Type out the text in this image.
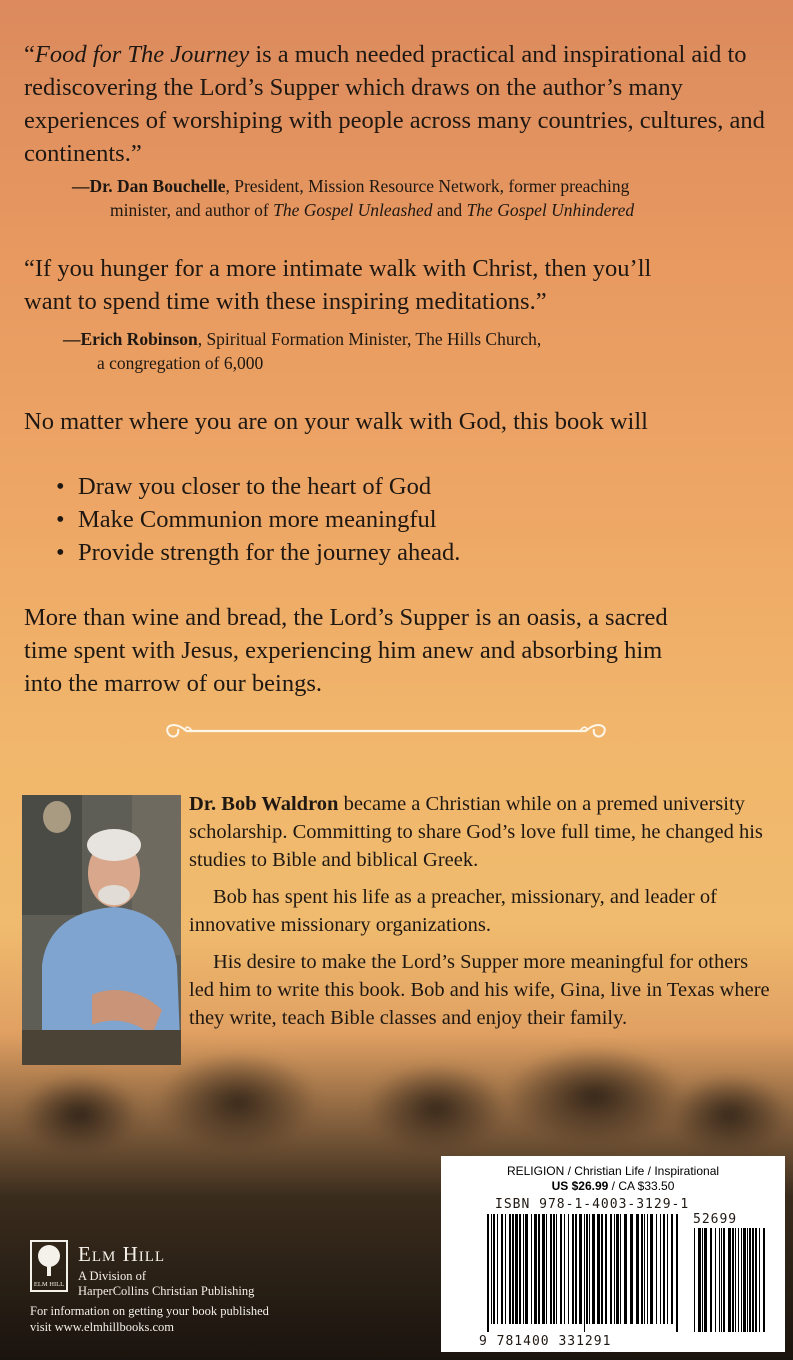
“Food for The Journey is a much needed practical and inspirational aid to rediscovering the Lord’s Supper which draws on the author’s many experiences of worshiping with people across many countries, cultures, and continents.”
—Dr. Dan Bouchelle, President, Mission Resource Network, former preaching
minister, and author of The Gospel Unleashed and The Gospel Unhindered
“If you hunger for a more intimate walk with Christ, then you’ll
want to spend time with these inspiring meditations.”
—Erich Robinson, Spiritual Formation Minister, The Hills Church,
a congregation of 6,000
No matter where you are on your walk with God, this book will
• Draw you closer to the heart of God
• Make Communion more meaningful
• Provide strength for the journey ahead.
More than wine and bread, the Lord’s Supper is an oasis, a sacred
time spent with Jesus, experiencing him anew and absorbing him
into the marrow of our beings.

Dr. Bob Waldron became a Christian while on a premed university scholarship. Committing to share God’s love full time, he changed his studies to Bible and biblical Greek.

Bob has spent his life as a preacher, missionary, and leader of innovative missionary organizations.

His desire to make the Lord’s Supper more meaningful for others led him to write this book. Bob and his wife, Gina, live in Texas where they write, teach Bible classes and enjoy their family.

ELM HILL
Elm Hill
A Division of
HarperCollins Christian Publishing
For information on getting your book published
visit www.elmhillbooks.com
RELIGION / Christian Life / Inspirational
US $26.99 / CA $33.50
ISBN 978-1-4003-3129-1
52699
9 781400 331291
